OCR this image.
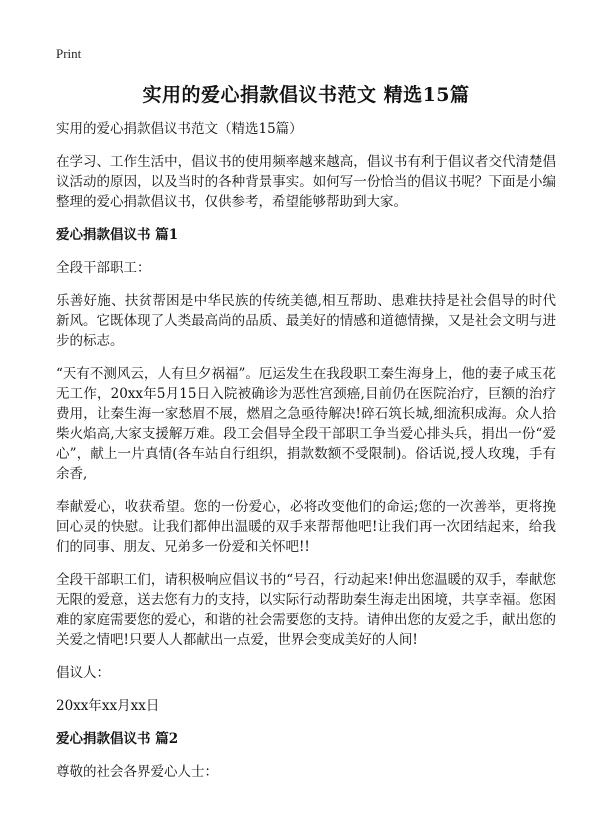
Print
实用的爱心捐款倡议书范文 精选15篇

实用的爱心捐款倡议书范文（精选15篇）

在学习、工作生活中，倡议书的使用频率越来越高，倡议书有利于倡议者交代清楚倡议活动的原因，以及当时的各种背景事实。如何写一份恰当的倡议书呢？下面是小编整理的爱心捐款倡议书，仅供参考，希望能够帮助到大家。

爱心捐款倡议书 篇1

全段干部职工：

乐善好施、扶贫帮困是中华民族的传统美德,相互帮助、患难扶持是社会倡导的时代新风。它既体现了人类最高尚的品质、最美好的情感和道德情操，又是社会文明与进步的标志。

“天有不测风云，人有旦夕祸福”。厄运发生在我段职工秦生海身上，他的妻子咸玉花无工作，20xx年5月15日入院被确诊为恶性宫颈癌,目前仍在医院治疗，巨额的治疗费用，让秦生海一家愁眉不展，燃眉之急亟待解决!碎石筑长城,细流积成海。众人拾柴火焰高,大家支援解万难。段工会倡导全段干部职工争当爱心排头兵，捐出一份“爱心”，献上一片真情(各车站自行组织，捐款数额不受限制)。俗话说,授人玫瑰，手有余香,

奉献爱心，收获希望。您的一份爱心，必将改变他们的命运;您的一次善举，更将挽回心灵的快慰。让我们都伸出温暖的双手来帮帮他吧!让我们再一次团结起来，给我们的同事、朋友、兄弟多一份爱和关怀吧!!

全段干部职工们，请积极响应倡议书的“号召，行动起来!伸出您温暖的双手，奉献您无限的爱意，送去您有力的支持，以实际行动帮助秦生海走出困境，共享幸福。您困难的家庭需要您的爱心，和谐的社会需要您的支持。请伸出您的友爱之手，献出您的关爱之情吧!只要人人都献出一点爱，世界会变成美好的人间!

倡议人：

20xx年xx月xx日

爱心捐款倡议书 篇2

尊敬的社会各界爱心人士：
